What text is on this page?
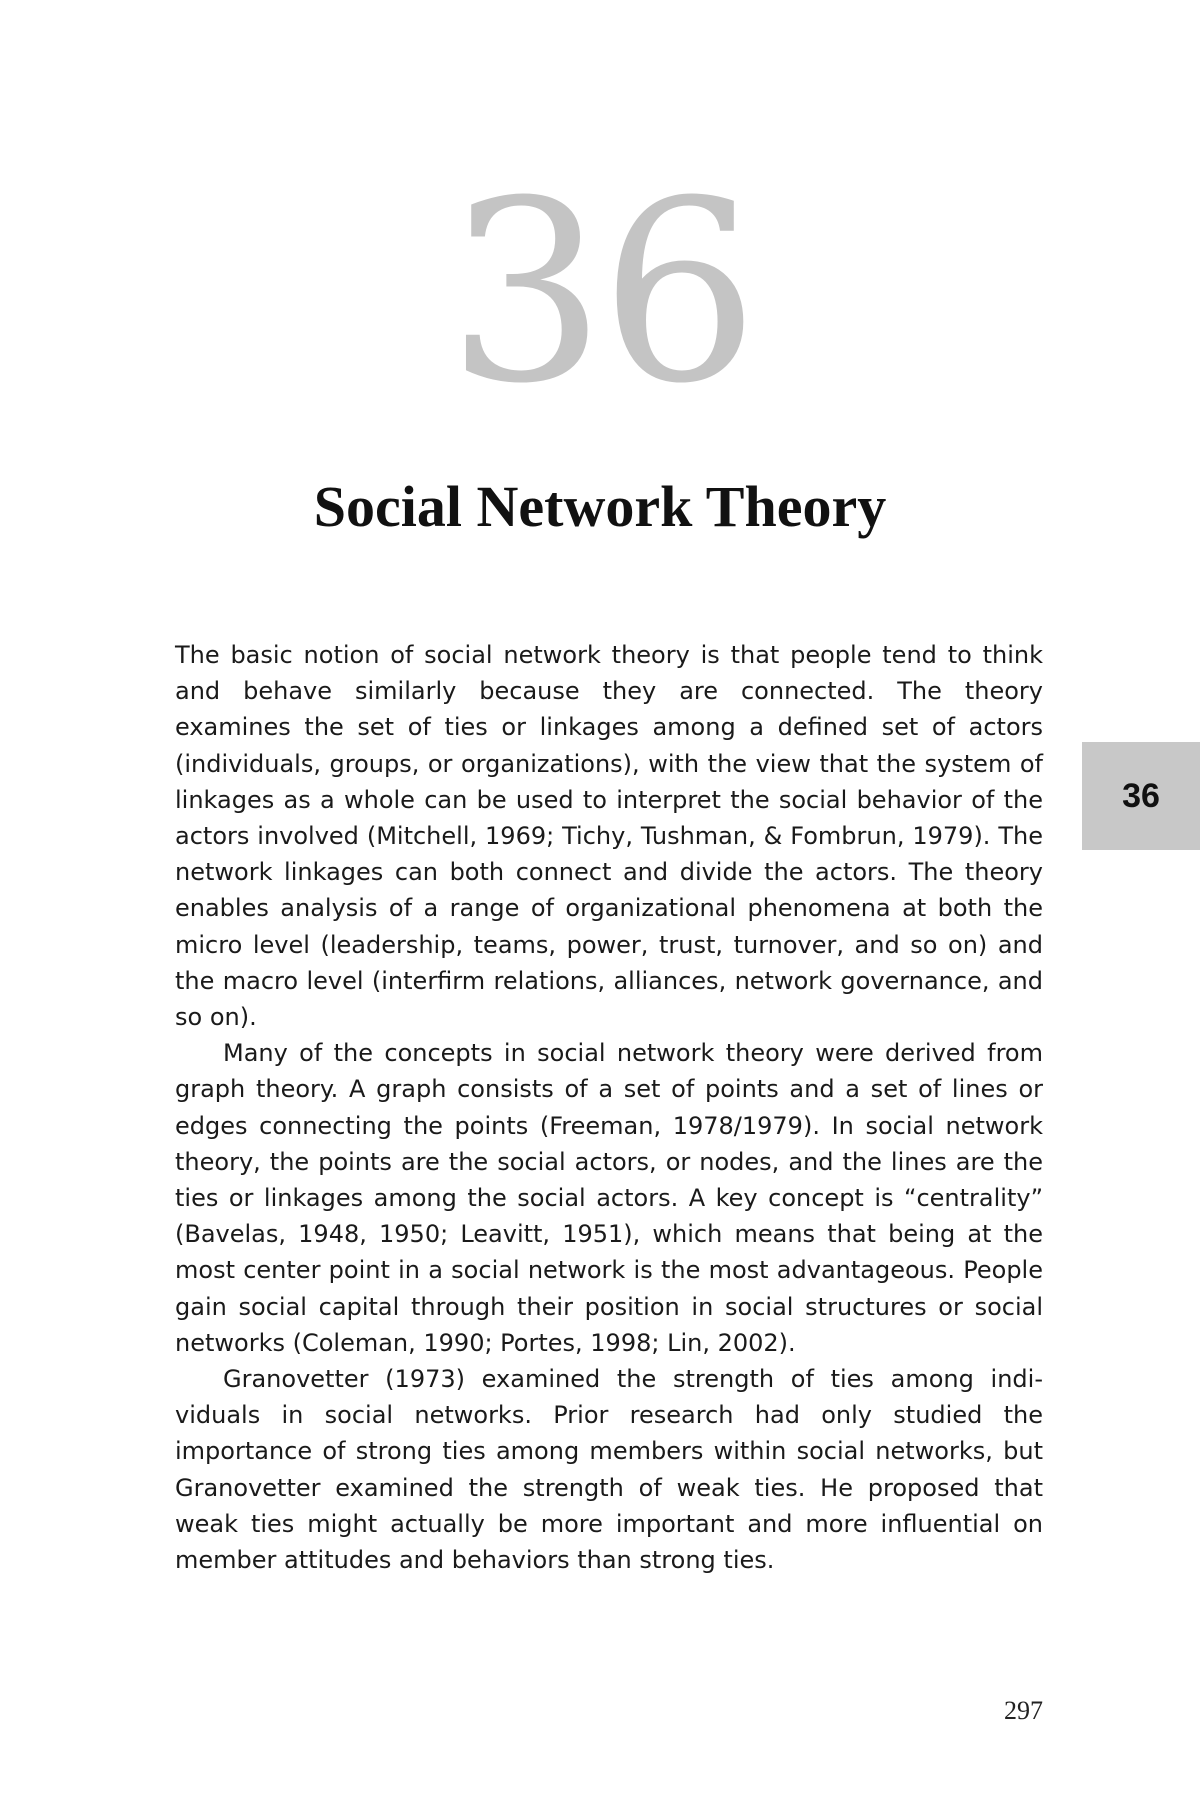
36
Social Network Theory
36

The basic notion of social network theory is that people tend to think and behave similarly because they are connected. The theory examines the set of ties or linkages among a defined set of actors (individuals, groups, or organizations), with the view that the system of linkages as a whole can be used to interpret the social behavior of the actors involved (Mitchell, 1969; Tichy, Tushman, & Fombrun, 1979). The network linkages can both connect and divide the actors. The theory enables analysis of a range of organizational phenomena at both the micro level (leadership, teams, power, trust, turnover, and so on) and the macro level (interfirm relations, alliances, network governance, and so on).

Many of the concepts in social network theory were derived from graph theory. A graph consists of a set of points and a set of lines or edges connecting the points (Freeman, 1978/1979). In social network theory, the points are the social actors, or nodes, and the lines are the ties or linkages among the social actors. A key concept is “centrality” (Bavelas, 1948, 1950; Leavitt, 1951), which means that being at the most center point in a social network is the most advantageous. People gain social capital through their position in social structures or social networks (Coleman, 1990; Portes, 1998; Lin, 2002).

Granovetter (1973) examined the strength of ties among individuals in social networks. Prior research had only studied the importance of strong ties among members within social networks, but Granovetter examined the strength of weak ties. He proposed that weak ties might actually be more important and more influential on member attitudes and behaviors than strong ties.

297
